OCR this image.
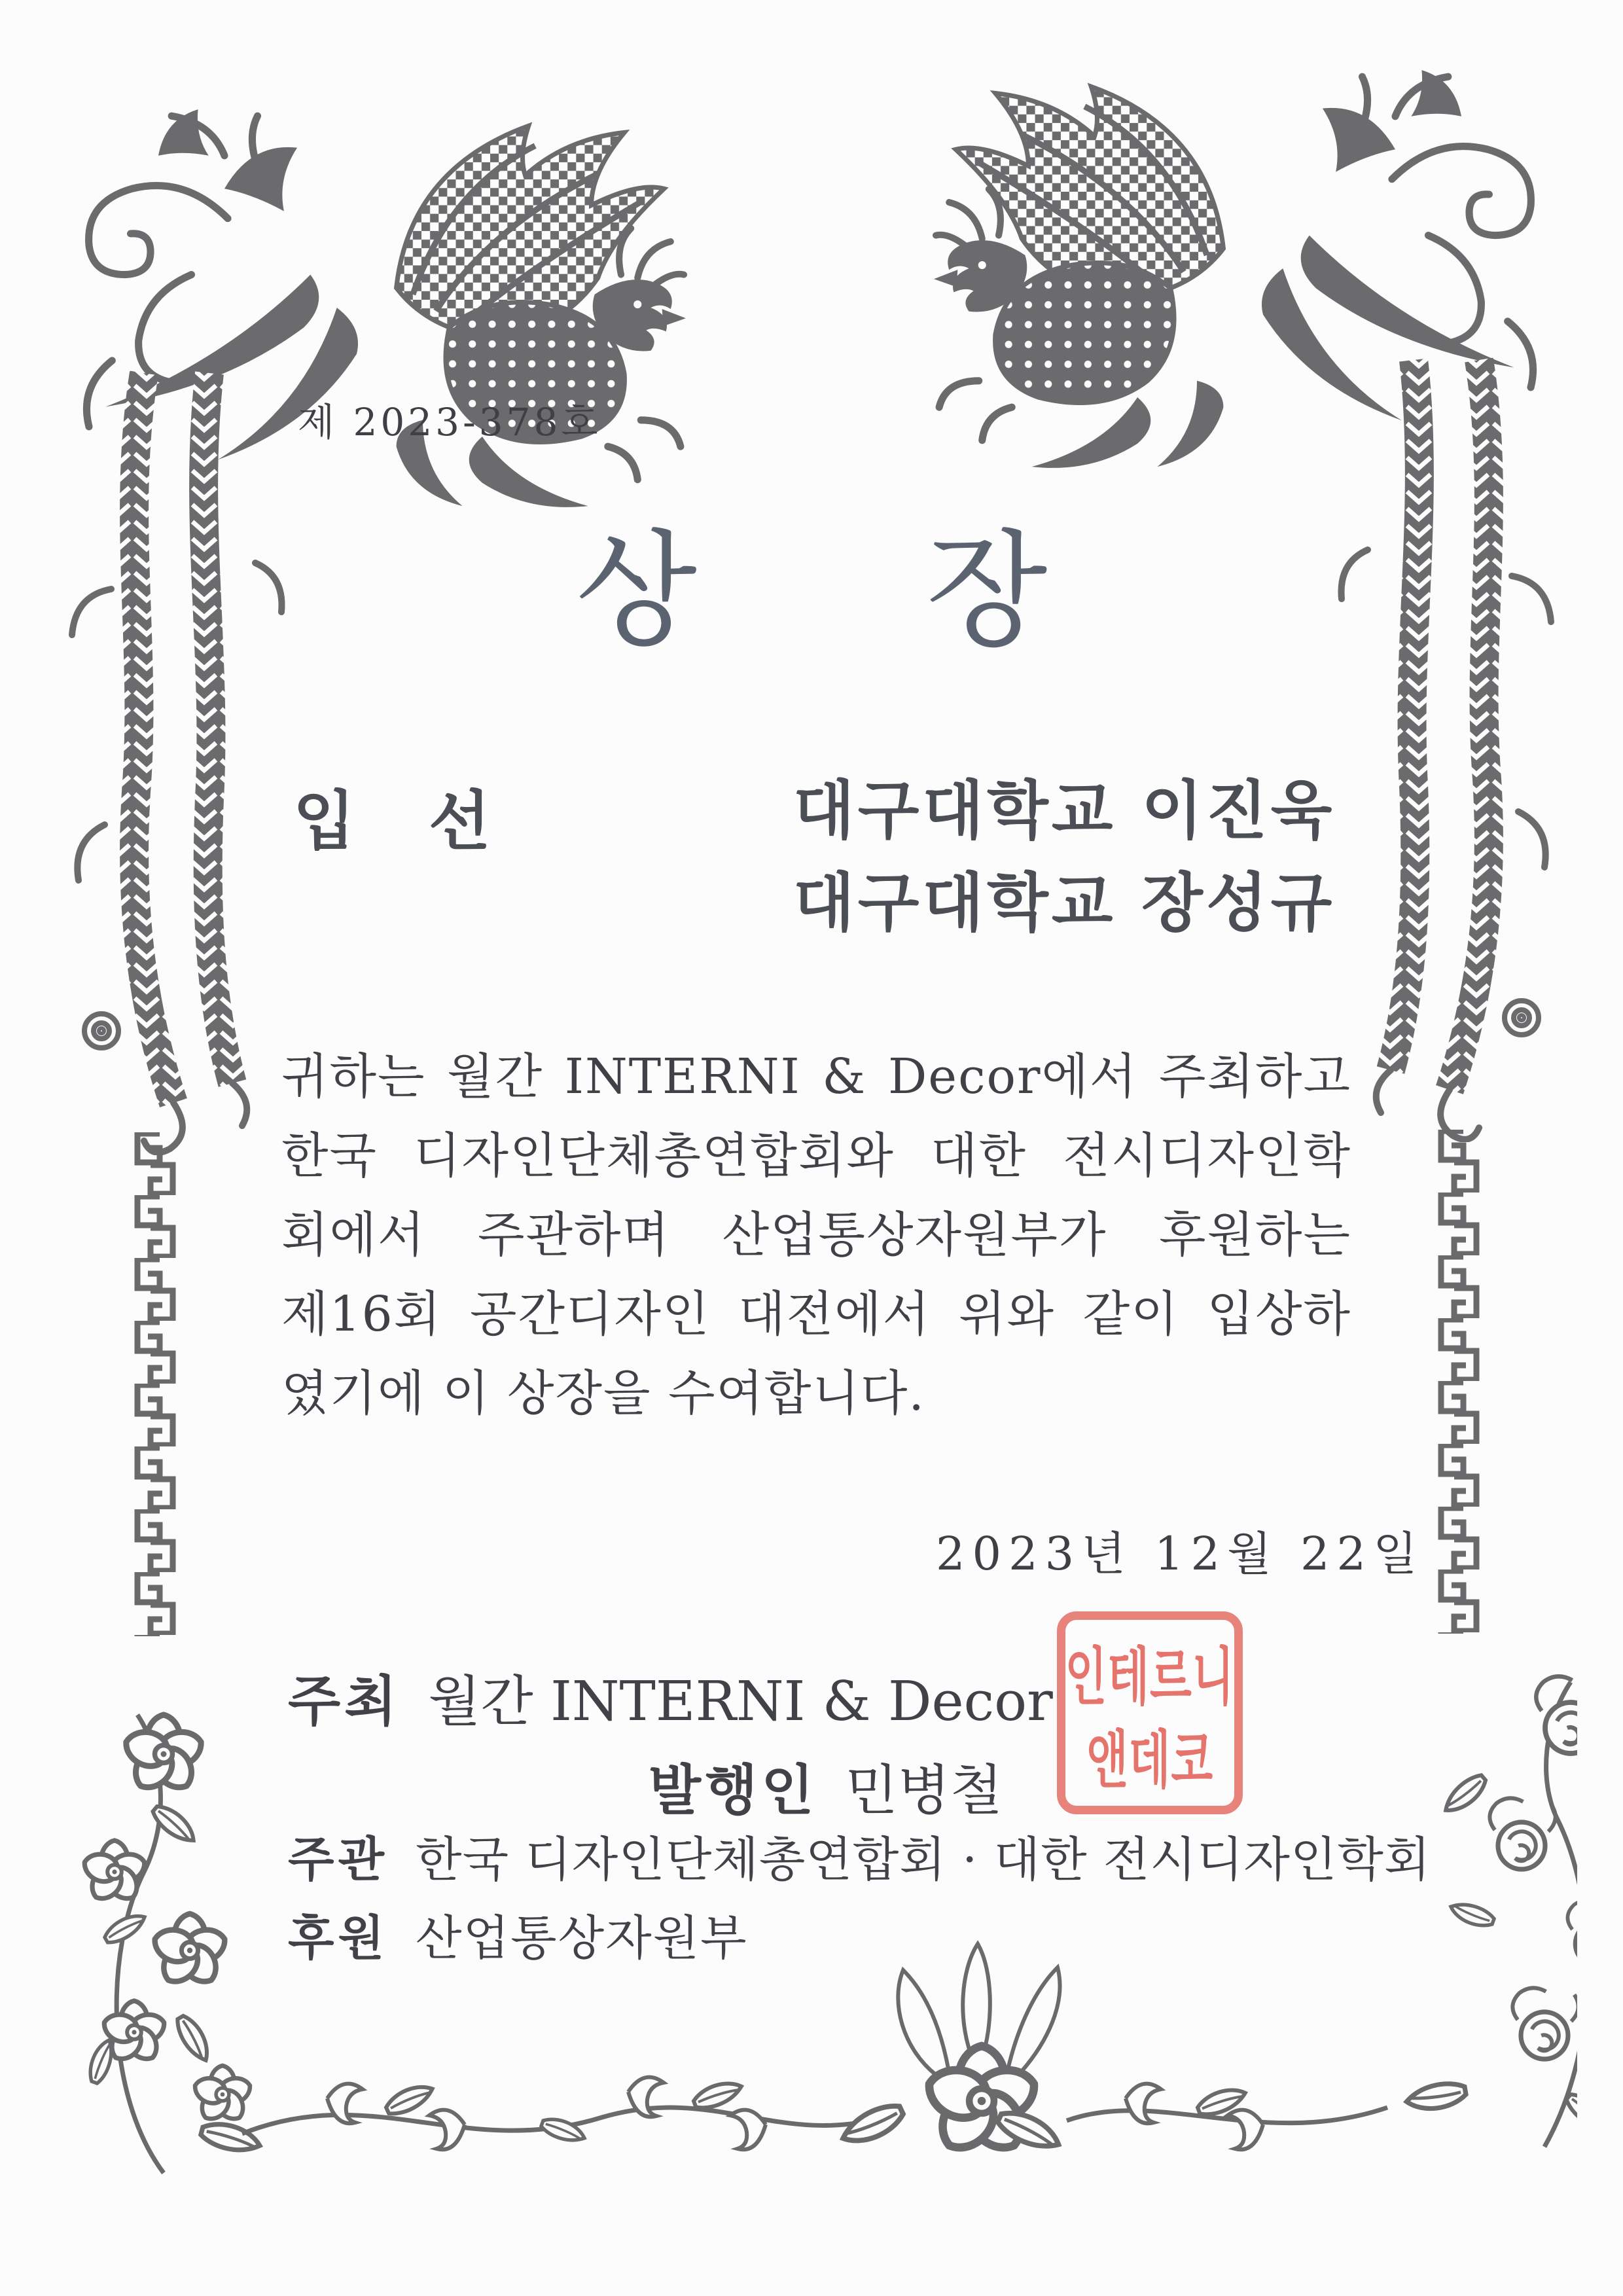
제 2023-378호
상 장
입 선	대구대학교 이진욱
대구대학교 장성규
귀하는 월간 INTERNI & Decor에서 주최하고
한국 디자인단체총연합회와 대한 전시디자인학
회에서 주관하며 산업통상자원부가 후원하는
제16회 공간디자인 대전에서 위와 같이 입상하
였기에 이 상장을 수여합니다.
2023년 12월 22일
주최 월간 INTERNI & Decor
발행인 민병철
주관 한국 디자인단체총연합회 · 대한 전시디자인학회
후원 산업통상자원부
인테르니
앤데코
